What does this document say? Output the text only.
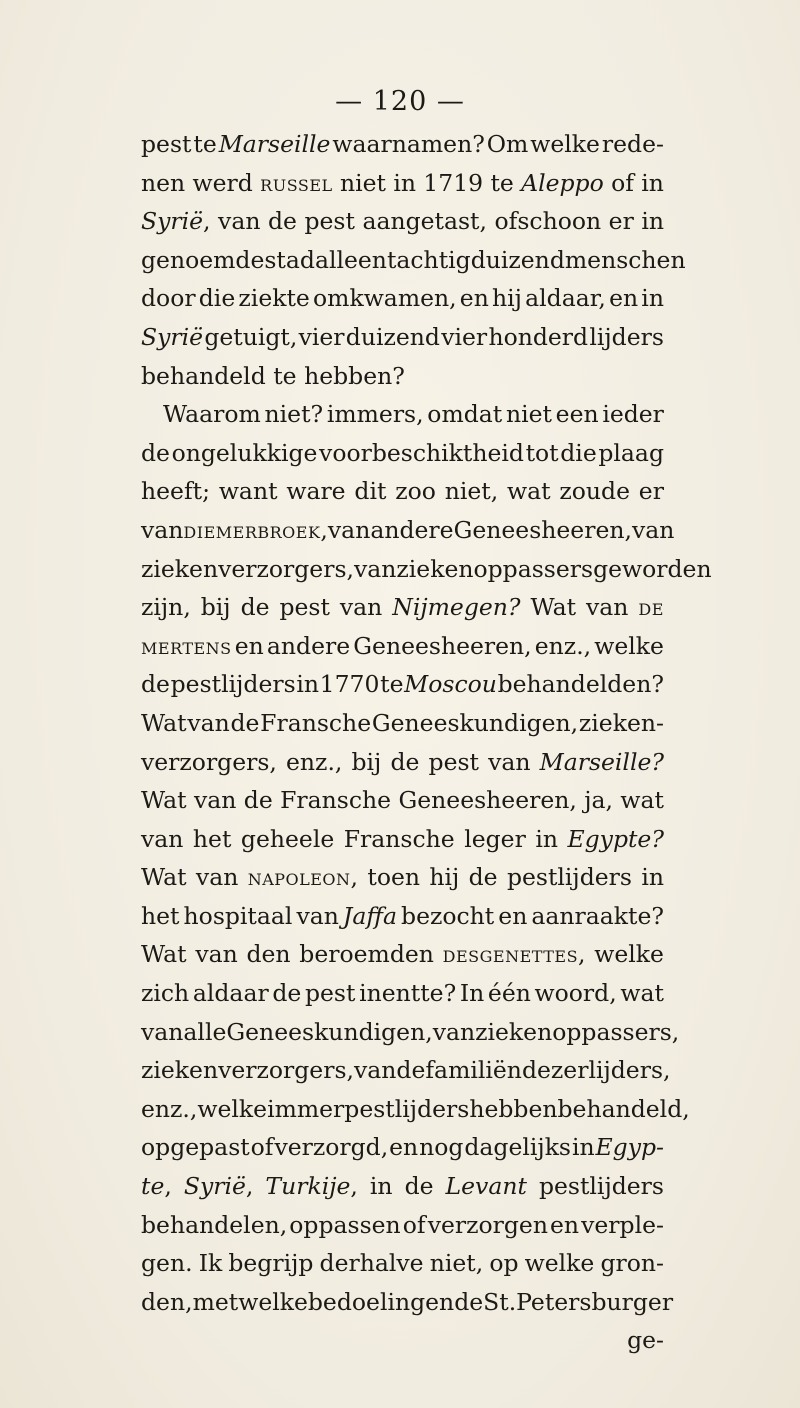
— 120 —
pest te Marseille waarnamen? Om welke rede-
nen werd russel niet in 1719 te Aleppo of in
Syrië, van de pest aangetast, ofschoon er in
genoemde stad alleen tachtig duizend menschen
door die ziekte omkwamen, en hij aldaar, en in
Syrië getuigt, vier duizend vier honderd lijders
behandeld te hebben?
Waarom niet? immers, omdat niet een ieder
de ongelukkige voorbeschiktheid tot die plaag
heeft; want ware dit zoo niet, wat zoude er
van diemerbroek, van andere Geneesheeren, van
ziekenverzorgers, van ziekenoppassers geworden
zijn, bij de pest van Nijmegen? Wat van de
mertens en andere Geneesheeren, enz., welke
de pestlijders in 1770 te Moscou behandelden?
Wat van de Fransche Geneeskundigen, zieken-
verzorgers, enz., bij de pest van Marseille?
Wat van de Fransche Geneesheeren, ja, wat
van het geheele Fransche leger in Egypte?
Wat van napoleon, toen hij de pestlijders in
het hospitaal van Jaffa bezocht en aanraakte?
Wat van den beroemden desgenettes, welke
zich aldaar de pest inentte? In één woord, wat
van alle Geneeskundigen, van ziekenoppassers,
ziekenverzorgers, van de familiën dezer lijders,
enz., welke immer pestlijders hebben behandeld,
opgepast of verzorgd, en nog dagelijks in Egyp-
te, Syrië, Turkije, in de Levant pestlijders
behandelen, oppassen of verzorgen en verple-
gen. Ik begrijp derhalve niet, op welke gron-
den, met welke bedoelingen de St. Petersburger
ge-
